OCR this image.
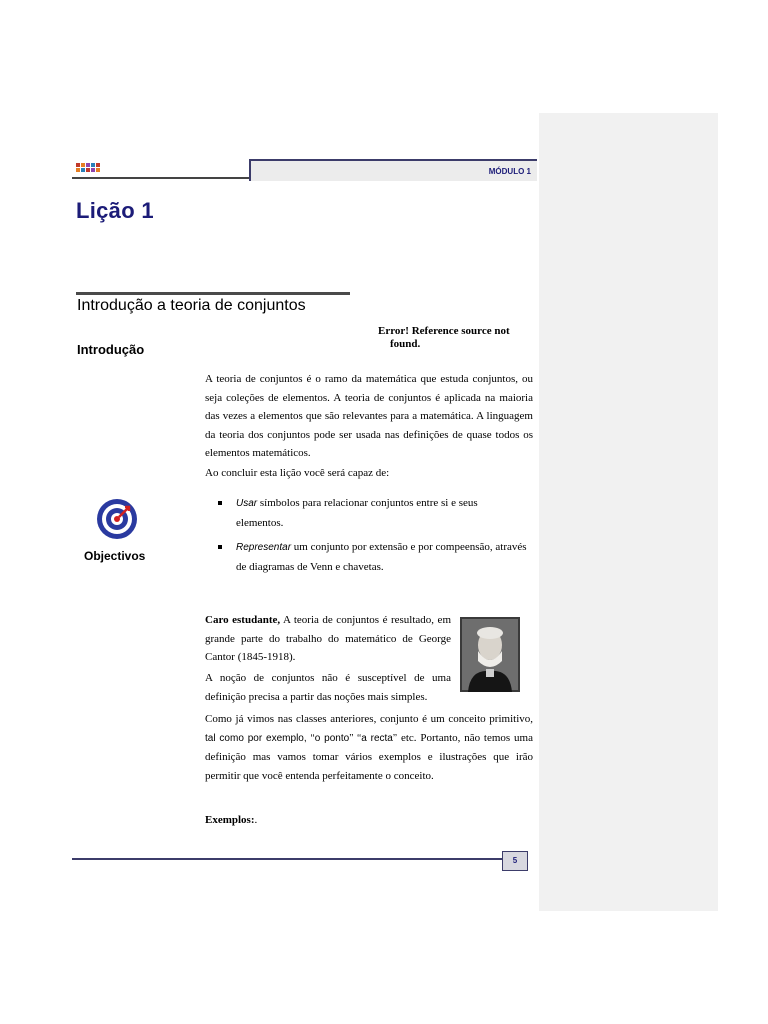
MÓDULO 1
Lição 1
Introdução a teoria de conjuntos
Error! Reference source not
found.
Introdução

A teoria de conjuntos é o ramo da matemática que estuda conjuntos, ou seja coleções de elementos. A teoria de conjuntos é aplicada na maioria das vezes a elementos que são relevantes para a matemática. A linguagem da teoria dos conjuntos pode ser usada nas definições de quase todos os elementos matemáticos.

Ao concluir esta lição você será capaz de:

Objectivos
Usar símbolos para relacionar conjuntos entre si e seus elementos.
Representar um conjunto por extensão e por compeensão, através de diagramas de Venn e chavetas.

Caro estudante, A teoria de conjuntos é resultado, em grande parte do trabalho do matemático de George Cantor (1845-1918).

A noção de conjuntos não é susceptível de uma definição precisa a partir das noções mais simples.

Como já vimos nas classes anteriores, conjunto é um conceito primitivo, tal como por exemplo, ‘‘o ponto’’ ‘‘a recta’’ etc. Portanto, não temos uma definição mas vamos tomar vários exemplos e ilustrações que irão permitir que você entenda perfeitamente o conceito.

Exemplos:.
5
